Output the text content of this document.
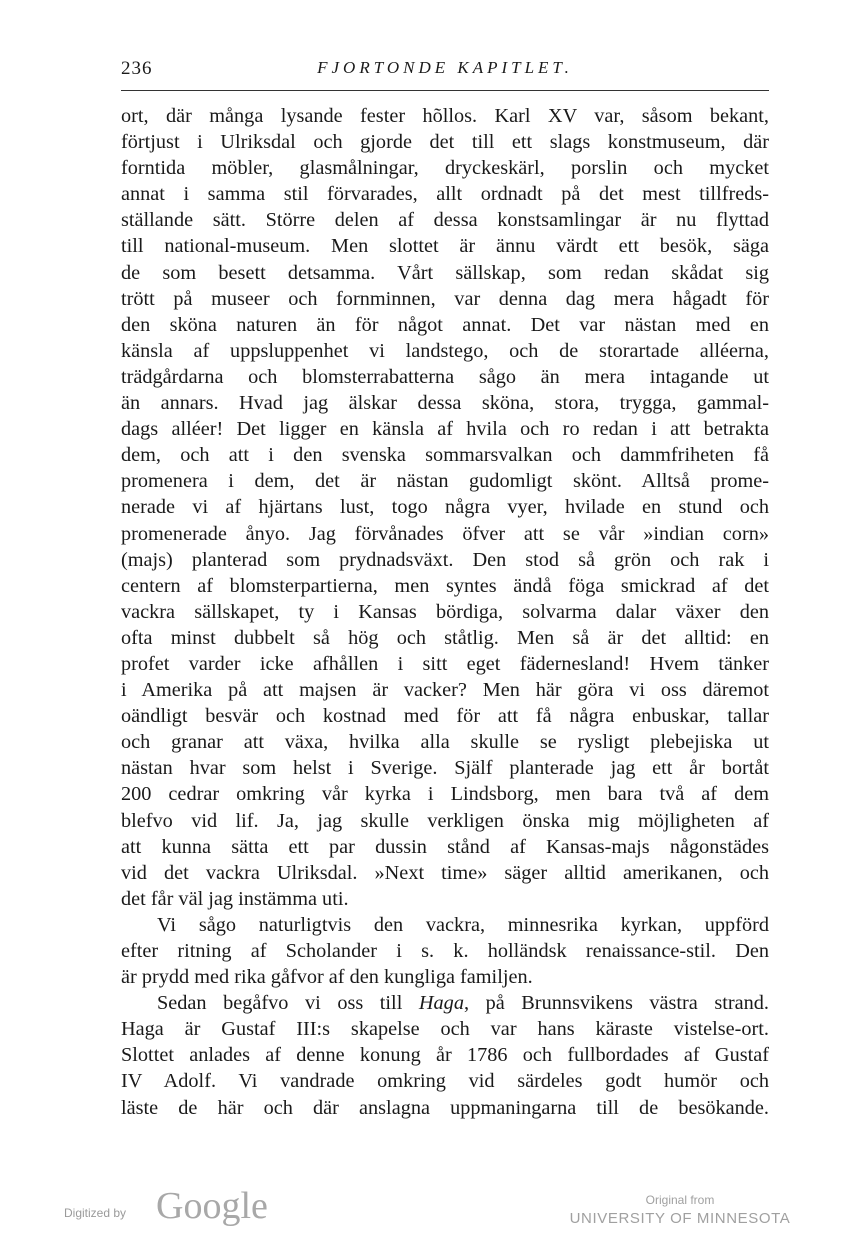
236	FJORTONDE KAPITLET.
ort, där många lysande fester hõllos. Karl XV var, såsom bekant,
förtjust i Ulriksdal och gjorde det till ett slags konstmuseum, där
forntida möbler, glasmålningar, dryckeskärl, porslin och mycket
annat i samma stil förvarades, allt ordnadt på det mest tillfreds-
ställande sätt. Större delen af dessa konstsamlingar är nu flyttad
till national-museum. Men slottet är ännu värdt ett besök, säga
de som besett detsamma. Vårt sällskap, som redan skådat sig
trött på museer och fornminnen, var denna dag mera hågadt för
den sköna naturen än för något annat. Det var nästan med en
känsla af uppsluppenhet vi landstego, och de storartade alléerna,
trädgårdarna och blomsterrabatterna sågo än mera intagande ut
än annars. Hvad jag älskar dessa sköna, stora, trygga, gammal-
dags alléer! Det ligger en känsla af hvila och ro redan i att betrakta
dem, och att i den svenska sommarsvalkan och dammfriheten få
promenera i dem, det är nästan gudomligt skönt. Alltså prome-
nerade vi af hjärtans lust, togo några vyer, hvilade en stund och
promenerade ånyo. Jag förvånades öfver att se vår »indian corn»
(majs) planterad som prydnadsväxt. Den stod så grön och rak i
centern af blomsterpartierna, men syntes ändå föga smickrad af det
vackra sällskapet, ty i Kansas bördiga, solvarma dalar växer den
ofta minst dubbelt så hög och ståtlig. Men så är det alltid: en
profet varder icke afhållen i sitt eget fädernesland! Hvem tänker
i Amerika på att majsen är vacker? Men här göra vi oss däremot
oändligt besvär och kostnad med för att få några enbuskar, tallar
och granar att växa, hvilka alla skulle se rysligt plebejiska ut
nästan hvar som helst i Sverige. Själf planterade jag ett år bortåt
200 cedrar omkring vår kyrka i Lindsborg, men bara två af dem
blefvo vid lif. Ja, jag skulle verkligen önska mig möjligheten af
att kunna sätta ett par dussin stånd af Kansas-majs någonstädes
vid det vackra Ulriksdal. »Next time» säger alltid amerikanen, och
det får väl jag instämma uti.
Vi sågo naturligtvis den vackra, minnesrika kyrkan, uppförd
efter ritning af Scholander i s. k. holländsk renaissance-stil. Den
är prydd med rika gåfvor af den kungliga familjen.
Sedan begåfvo vi oss till Haga, på Brunnsvikens västra strand.
Haga är Gustaf III:s skapelse och var hans käraste vistelse-ort.
Slottet anlades af denne konung år 1786 och fullbordades af Gustaf
IV Adolf. Vi vandrade omkring vid särdeles godt humör och
läste de här och där anslagna uppmaningarna till de besökande.
Digitized by Google	Original from
UNIVERSITY OF MINNESOTA
